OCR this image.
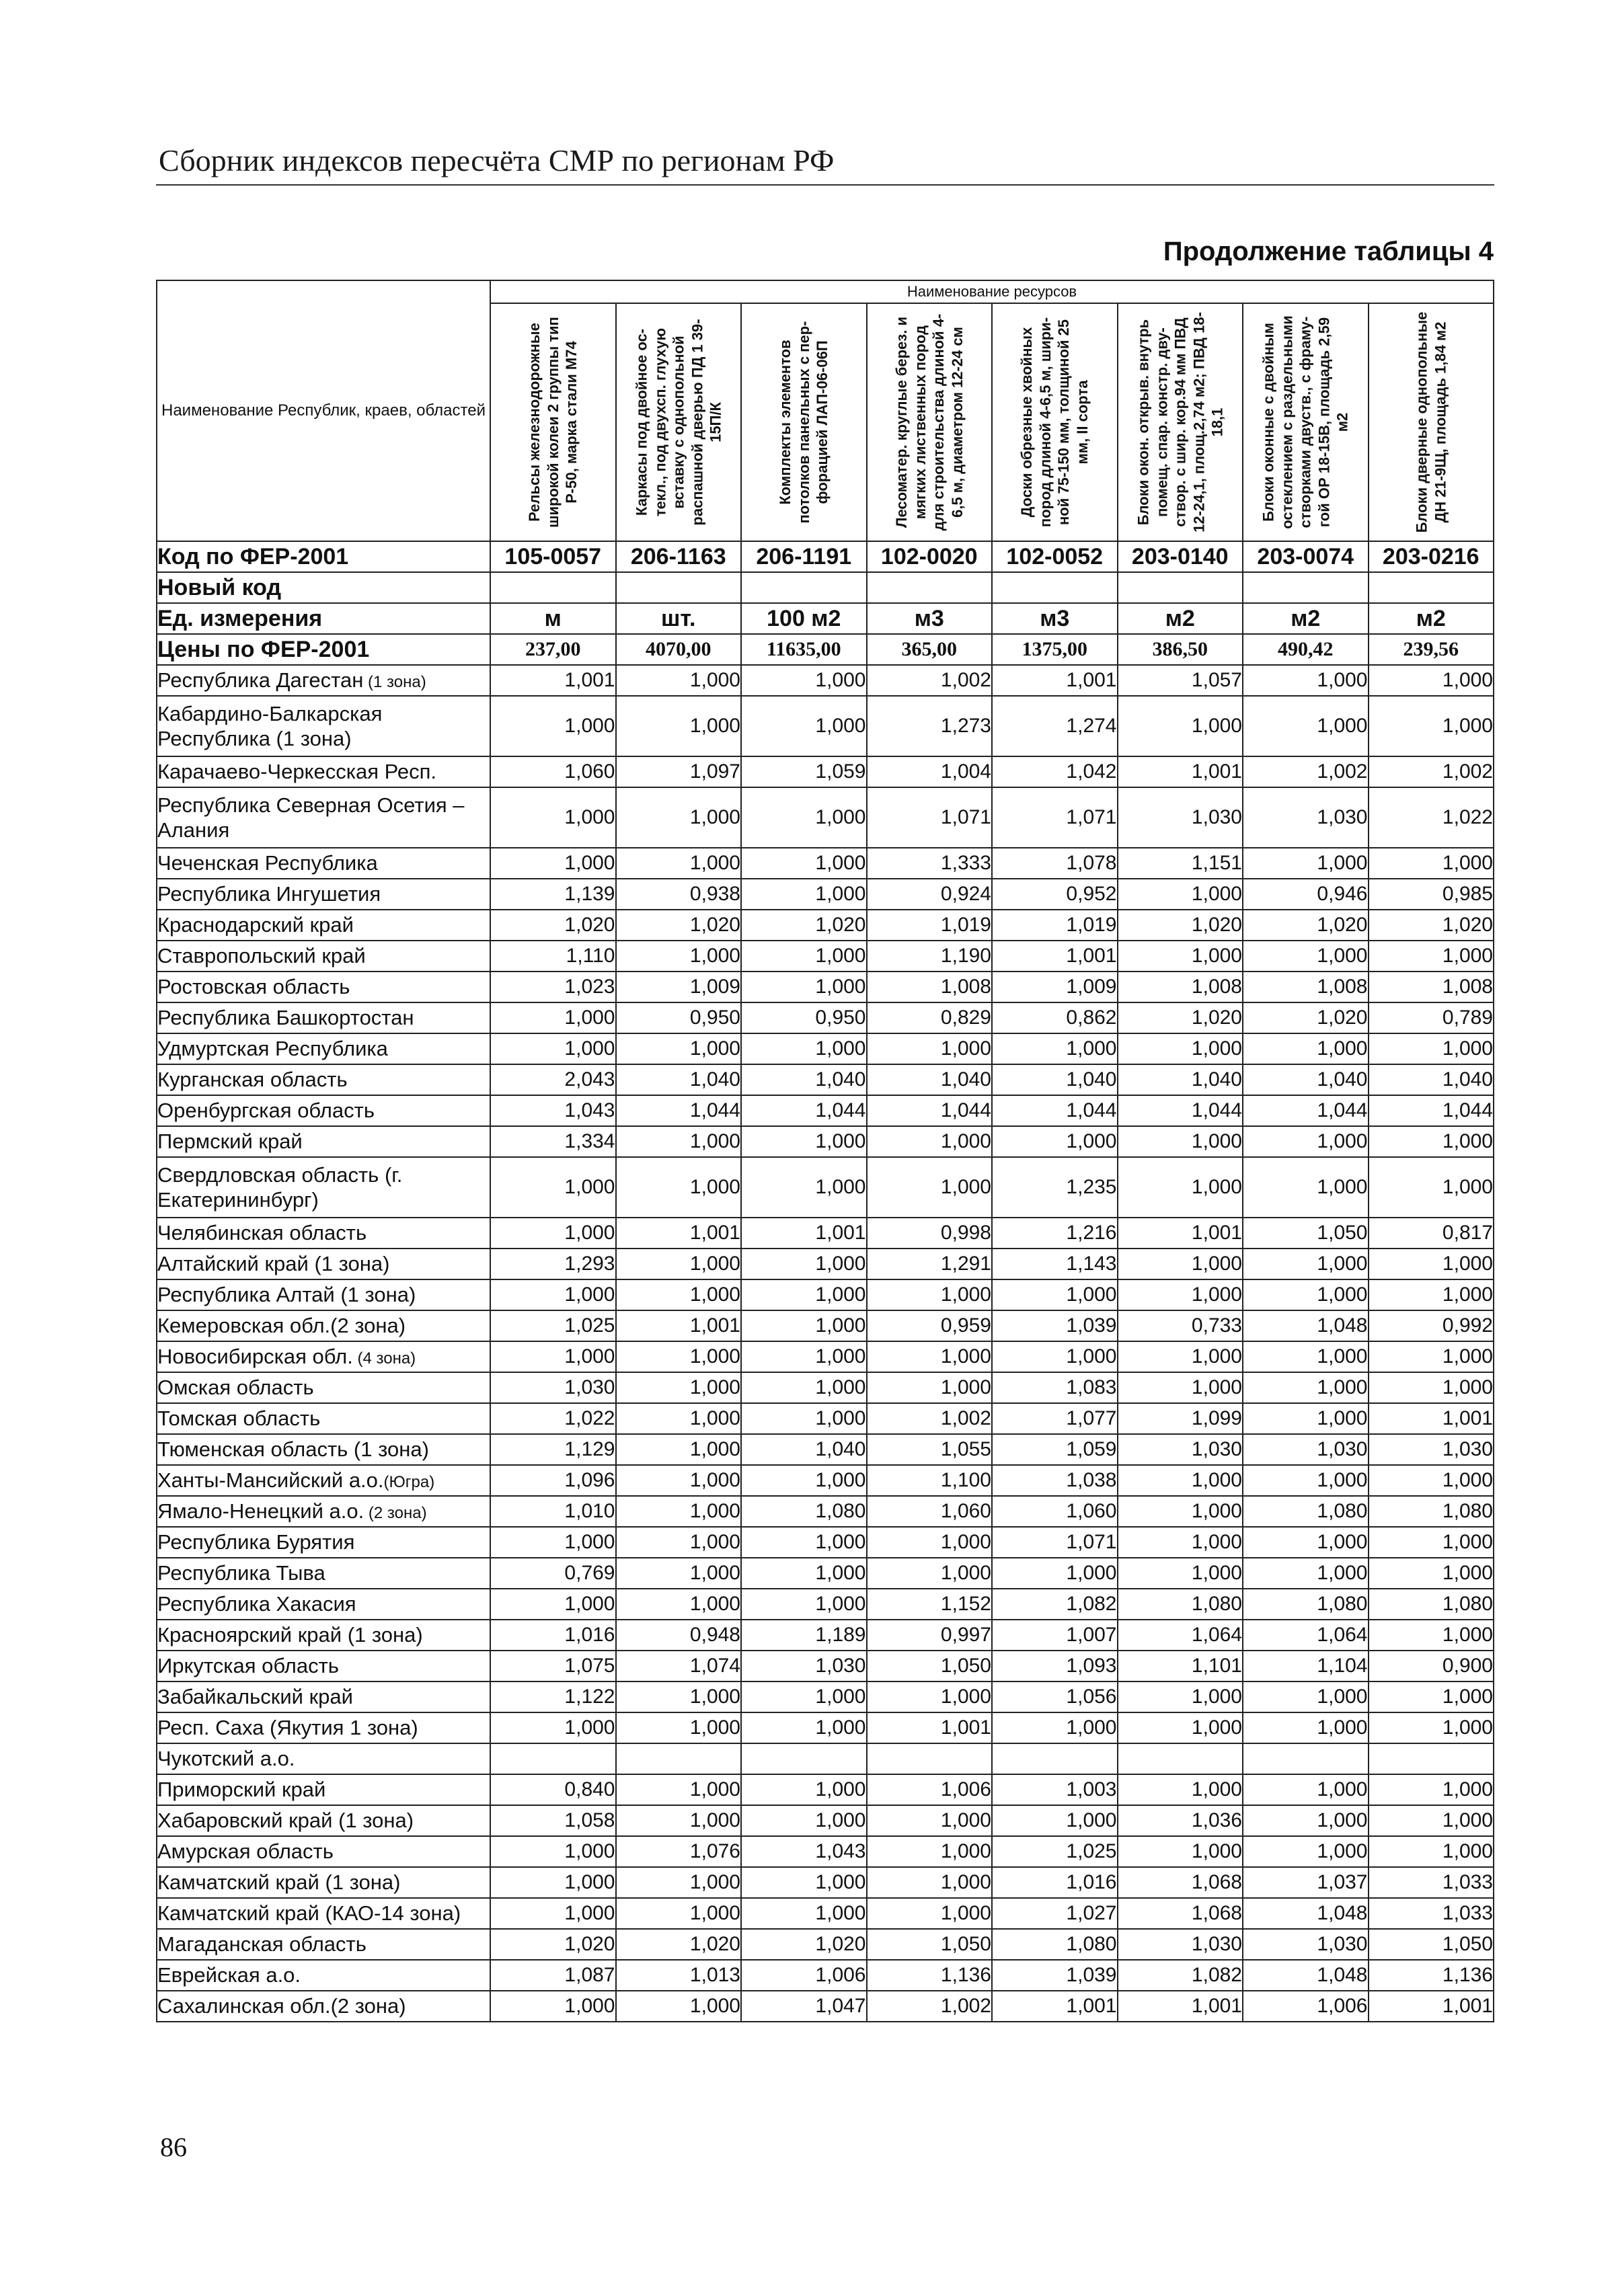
Сборник индексов пересчёта СМР по регионам РФ
Продолжение таблицы 4
Наименование Республик, краев, областей	Наименование ресурсов							

	Рельсы железнодорожные широкой колеи 2 группы тип Р-50, марка стали М74	Каркасы под двойное ос-текл., под двухсп. глухую вставку с однопольной распашной дверью ПД 1 39-15П/К	Комплекты элементов потолков панельных с пер-форацией ЛАП-06-06П	Лесоматер. круглые берез. и мягких лиственных пород для строительства длиной 4-6,5 м, диаметром 12-24 см	Доски обрезные хвойных пород длиной 4-6,5 м, шири-ной 75-150 мм, толщиной 25 мм, II сорта	Блоки окон. открыв. внутрь помещ. спар. констр. дву-створ. с шир. кор.94 мм ПВД 12-24,1, площ.2,74 м2; ПВД 18-18,1	Блоки оконные с двойным остеклением с раздельными створками двуств., с фраму-гой ОР 18-15В, площадь 2,59 м2	Блоки дверные однопольные ДН 21-9Щ, площадь 1,84 м2

Код по ФЕР-2001	105-0057	206-1163	206-1191	102-0020	102-0052	203-0140	203-0074	203-0216
Новый код								
Ед. измерения	м	шт.	100 м2	м3	м3	м2	м2	м2
Цены по ФЕР-2001	237,00	4070,00	11635,00	365,00	1375,00	386,50	490,42	239,56
Республика Дагестан (1 зона)	1,001	1,000	1,000	1,002	1,001	1,057	1,000	1,000
Кабардино-Балкарская Республика (1 зона)	1,000	1,000	1,000	1,273	1,274	1,000	1,000	1,000
Карачаево-Черкесская Респ.	1,060	1,097	1,059	1,004	1,042	1,001	1,002	1,002
Республика Северная Осетия – Алания	1,000	1,000	1,000	1,071	1,071	1,030	1,030	1,022
Чеченская Республика	1,000	1,000	1,000	1,333	1,078	1,151	1,000	1,000
Республика Ингушетия	1,139	0,938	1,000	0,924	0,952	1,000	0,946	0,985
Краснодарский край	1,020	1,020	1,020	1,019	1,019	1,020	1,020	1,020
Ставропольский край	1,110	1,000	1,000	1,190	1,001	1,000	1,000	1,000
Ростовская область	1,023	1,009	1,000	1,008	1,009	1,008	1,008	1,008
Республика Башкортостан	1,000	0,950	0,950	0,829	0,862	1,020	1,020	0,789
Удмуртская Республика	1,000	1,000	1,000	1,000	1,000	1,000	1,000	1,000
Курганская область	2,043	1,040	1,040	1,040	1,040	1,040	1,040	1,040
Оренбургская область	1,043	1,044	1,044	1,044	1,044	1,044	1,044	1,044
Пермский край	1,334	1,000	1,000	1,000	1,000	1,000	1,000	1,000
Свердловская область (г. Екатерининбург)	1,000	1,000	1,000	1,000	1,235	1,000	1,000	1,000
Челябинская область	1,000	1,001	1,001	0,998	1,216	1,001	1,050	0,817
Алтайский край (1 зона)	1,293	1,000	1,000	1,291	1,143	1,000	1,000	1,000
Республика Алтай (1 зона)	1,000	1,000	1,000	1,000	1,000	1,000	1,000	1,000
Кемеровская обл.(2 зона)	1,025	1,001	1,000	0,959	1,039	0,733	1,048	0,992
Новосибирская обл. (4 зона)	1,000	1,000	1,000	1,000	1,000	1,000	1,000	1,000
Омская область	1,030	1,000	1,000	1,000	1,083	1,000	1,000	1,000
Томская область	1,022	1,000	1,000	1,002	1,077	1,099	1,000	1,001
Тюменская область (1 зона)	1,129	1,000	1,040	1,055	1,059	1,030	1,030	1,030
Ханты-Мансийский а.о.(Югра)	1,096	1,000	1,000	1,100	1,038	1,000	1,000	1,000
Ямало-Ненецкий а.о. (2 зона)	1,010	1,000	1,080	1,060	1,060	1,000	1,080	1,080
Республика Бурятия	1,000	1,000	1,000	1,000	1,071	1,000	1,000	1,000
Республика Тыва	0,769	1,000	1,000	1,000	1,000	1,000	1,000	1,000
Республика Хакасия	1,000	1,000	1,000	1,152	1,082	1,080	1,080	1,080
Красноярский край (1 зона)	1,016	0,948	1,189	0,997	1,007	1,064	1,064	1,000
Иркутская область	1,075	1,074	1,030	1,050	1,093	1,101	1,104	0,900
Забайкальский край	1,122	1,000	1,000	1,000	1,056	1,000	1,000	1,000
Респ. Саха (Якутия 1 зона)	1,000	1,000	1,000	1,001	1,000	1,000	1,000	1,000
Чукотский а.о.								
Приморский край	0,840	1,000	1,000	1,006	1,003	1,000	1,000	1,000
Хабаровский край (1 зона)	1,058	1,000	1,000	1,000	1,000	1,036	1,000	1,000
Амурская область	1,000	1,076	1,043	1,000	1,025	1,000	1,000	1,000
Камчатский край (1 зона)	1,000	1,000	1,000	1,000	1,016	1,068	1,037	1,033
Камчатский край (КАО-14 зона)	1,000	1,000	1,000	1,000	1,027	1,068	1,048	1,033
Магаданская область	1,020	1,020	1,020	1,050	1,080	1,030	1,030	1,050
Еврейская а.о.	1,087	1,013	1,006	1,136	1,039	1,082	1,048	1,136
Сахалинская обл.(2 зона)	1,000	1,000	1,047	1,002	1,001	1,001	1,006	1,001
86
